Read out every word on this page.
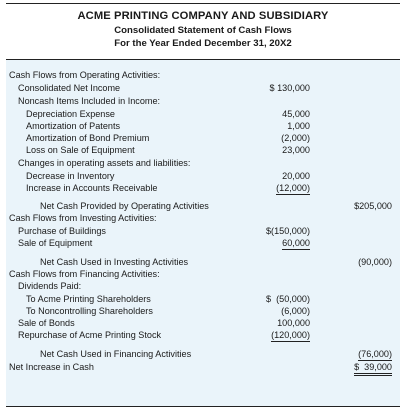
ACME PRINTING COMPANY AND SUBSIDIARY
Consolidated Statement of Cash Flows
For the Year Ended December 31, 20X2
Cash Flows from Operating Activities:
Consolidated Net Income	$ 130,000
Noncash Items Included in Income:
Depreciation Expense	45,000
Amortization of Patents	1,000
Amortization of Bond Premium	(2,000)
Loss on Sale of Equipment	23,000
Changes in operating assets and liabilities:
Decrease in Inventory	20,000
Increase in Accounts Receivable	(12,000)
Net Cash Provided by Operating Activities	$205,000
Cash Flows from Investing Activities:
Purchase of Buildings	$(150,000)
Sale of Equipment	60,000
Net Cash Used in Investing Activities	(90,000)
Cash Flows from Financing Activities:
Dividends Paid:
To Acme Printing Shareholders	$  (50,000)
To Noncontrolling Shareholders	(6,000)
Sale of Bonds	100,000
Repurchase of Acme Printing Stock	(120,000)
Net Cash Used in Financing Activities	(76,000)
Net Increase in Cash	$  39,000
